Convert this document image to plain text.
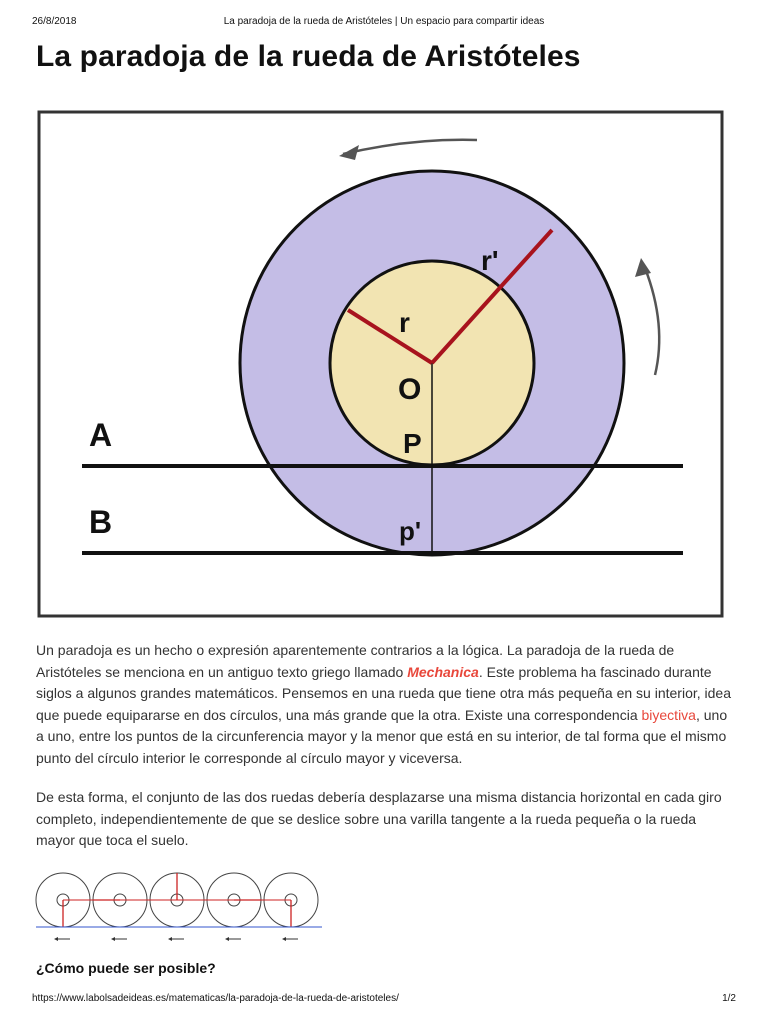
26/8/2018	La paradoja de la rueda de Aristóteles | Un espacio para compartir ideas
La paradoja de la rueda de Aristóteles
A
B
r
r'
O
P
p'

Un paradoja es un hecho o expresión aparentemente contrarios a la lógica. La paradoja de la rueda de Aristóteles se menciona en un antiguo texto griego llamado Mechanica. Este problema ha fascinado durante siglos a algunos grandes matemáticos. Pensemos en una rueda que tiene otra más pequeña en su interior, idea que puede equipararse en dos círculos, una más grande que la otra. Existe una correspondencia biyectiva, uno a uno, entre los puntos de la circunferencia mayor y la menor que está en su interior, de tal forma que el mismo punto del círculo interior le corresponde al círculo mayor y viceversa.

De esta forma, el conjunto de las dos ruedas debería desplazarse una misma distancia horizontal en cada giro completo, independientemente de que se deslice sobre una varilla tangente a la rueda pequeña o la rueda mayor que toca el suelo.

¿Cómo puede ser posible?
https://www.labolsadeideas.es/matematicas/la-paradoja-de-la-rueda-de-aristoteles/	1/2
